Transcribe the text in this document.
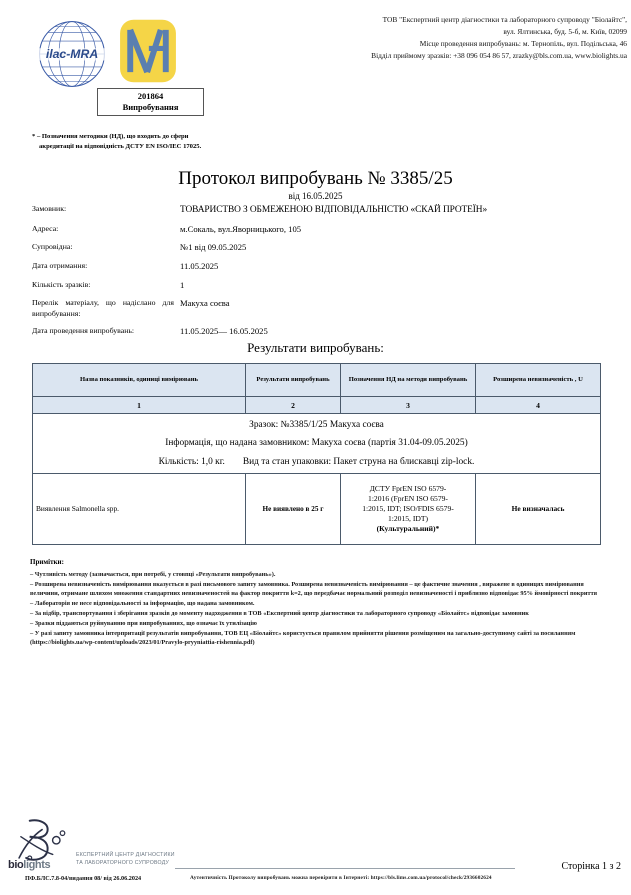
ilac-MRA
201864
Випробування
ТОВ "Експертний центр діагностики та лабораторного супроводу "Біолайтс",
вул. Ялтинська, буд. 5-б, м. Київ, 02099
Місце проведення випробувань: м. Тернопіль, вул. Подільська, 46
Відділ приймому зразків: +38 096 054 86 57, zrazky@bls.com.ua, www.biolights.ua
* – Позначення методики (НД), що входить до сфери
акредитації на відповідність ДСТУ EN ISO/IEC 17025.
Протокол випробувань № 3385/25
від 16.05.2025
Замовник:	ТОВАРИСТВО З ОБМЕЖЕНОЮ ВІДПОВІДАЛЬНІСТЮ «СКАЙ ПРОТЕЇН»
Адреса:	м.Сокаль, вул.Яворницького, 105
Супровідна:	№1 від 09.05.2025
Дата отримання:	11.05.2025
Кількість зразків:	1
Перелік матеріалу, що надіслано для випробування:
Макуха соєва
Дата проведення випробувань:	11.05.2025— 16.05.2025
Результати випробувань:
Назва показників, одиниці вимірювань	Результати випробувань	Позначення НД на методи випробувань	Розширена невизначеність , U
1	2	3	4

Зразок: №3385/1/25 Макуха соєва
Інформація, що надана замовником: Макуха соєва (партія 31.04-09.05.2025)
Кількість: 1,0 кг. Вид та стан упаковки: Пакет струна на блискавці zip-lock.			

Виявлення Salmonella spp.	Не виявлено в 25 г	ДСТУ FprEN ISO 6579-
1:2016 (FprEN ISO 6579-
1:2015, IDT; ISO/FDIS 6579-
1:2015, IDT)
(Культуральний)*	Не визначалась
Примітки:

– Чутливість методу (зазначається, при потребі, у стовпці «Результати випробувань»).

– Розширена невизначеність вимірювання вказується в разі письмового запиту замовника. Розширена невизначеність вимірювання – це фактичне значення , виражене в одиницях вимірювання величини, отримане шляхом множення стандартних невизначеностей на фактор покриття k=2, що передбачає нормальний розподіл невизначеності і приблизно відповідає 95% ймовірності покриття

– Лабораторія не несе відповідальності за інформацію, що надана замовником.

– За відбір, транспортування і зберігання зразків до моменту надходження в ТОВ «Експертний центр діагностики та лабораторного супроводу «Біолайтс» відповідає замовник

– Зразки піддаються руйнуванню при випробуваннях, що означає їх утилізацію

– У разі запиту замовника інтерпритації результатів випробування, ТОВ ЕЦ «Біолайтс» користується правилом прийняття рішення розміщеним на загально-доступному сайті за посиланням (https://biolights.ua/wp-content/uploads/2023/01/Pravylo-pryyniattia-rishennia.pdf)

biolights
ЕКСПЕРТНИЙ ЦЕНТР ДІАГНОСТИКИ
ТА ЛАБОРАТОРНОГО СУПРОВОДУ
ПФ.БЛС.7.8-04/видання 08/ від 26.06.2024	Аутентичність Протоколу випробувань можна перевірити в Інтернеті: https://bls.lims.com.ua/protocol/check/2936602624
Сторінка 1 з 2
